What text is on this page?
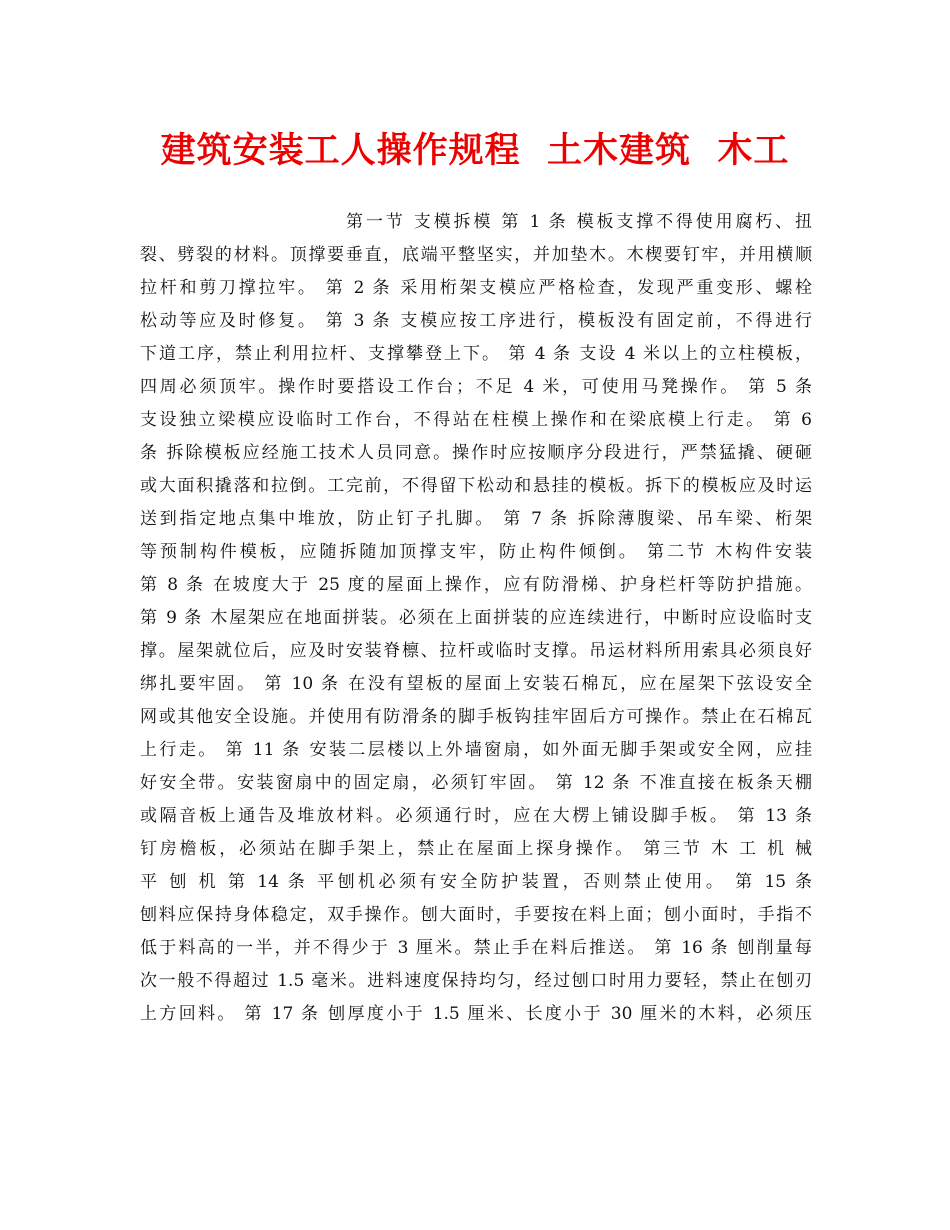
建筑安装工人操作规程  土木建筑  木工
第一节 支模拆模 第 1 条 模板支撑不得使用腐朽、扭
裂、劈裂的材料。顶撑要垂直，底端平整坚实，并加垫木。木楔要钉牢，并用横顺
拉杆和剪刀撑拉牢。 第 2 条 采用桁架支模应严格检查，发现严重变形、螺栓
松动等应及时修复。 第 3 条 支模应按工序进行，模板没有固定前，不得进行
下道工序，禁止利用拉杆、支撑攀登上下。 第 4 条 支设 4 米以上的立柱模板，
四周必须顶牢。操作时要搭设工作台；不足 4 米，可使用马凳操作。 第 5 条
支设独立梁模应设临时工作台，不得站在柱模上操作和在梁底模上行走。 第 6
条 拆除模板应经施工技术人员同意。操作时应按顺序分段进行，严禁猛撬、硬砸
或大面积撬落和拉倒。工完前，不得留下松动和悬挂的模板。拆下的模板应及时运
送到指定地点集中堆放，防止钉子扎脚。 第 7 条 拆除薄腹梁、吊车梁、桁架
等预制构件模板，应随拆随加顶撑支牢，防止构件倾倒。 第二节 木构件安装
第 8 条 在坡度大于 25 度的屋面上操作，应有防滑梯、护身栏杆等防护措施。
第 9 条 木屋架应在地面拼装。必须在上面拼装的应连续进行，中断时应设临时支
撑。屋架就位后，应及时安装脊檩、拉杆或临时支撑。吊运材料所用索具必须良好
绑扎要牢固。 第 10 条 在没有望板的屋面上安装石棉瓦，应在屋架下弦设安全
网或其他安全设施。并使用有防滑条的脚手板钩挂牢固后方可操作。禁止在石棉瓦
上行走。 第 11 条 安装二层楼以上外墙窗扇，如外面无脚手架或安全网，应挂
好安全带。安装窗扇中的固定扇，必须钉牢固。 第 12 条 不准直接在板条天棚
或隔音板上通告及堆放材料。必须通行时，应在大楞上铺设脚手板。 第 13 条
钉房檐板，必须站在脚手架上，禁止在屋面上探身操作。 第三节 木 工 机 械
平 刨 机 第 14 条 平刨机必须有安全防护装置，否则禁止使用。 第 15 条
刨料应保持身体稳定，双手操作。刨大面时，手要按在料上面；刨小面时，手指不
低于料高的一半，并不得少于 3 厘米。禁止手在料后推送。 第 16 条 刨削量每
次一般不得超过 1.5 毫米。进料速度保持均匀，经过刨口时用力要轻，禁止在刨刃
上方回料。 第 17 条 刨厚度小于 1.5 厘米、长度小于 30 厘米的木料，必须压
